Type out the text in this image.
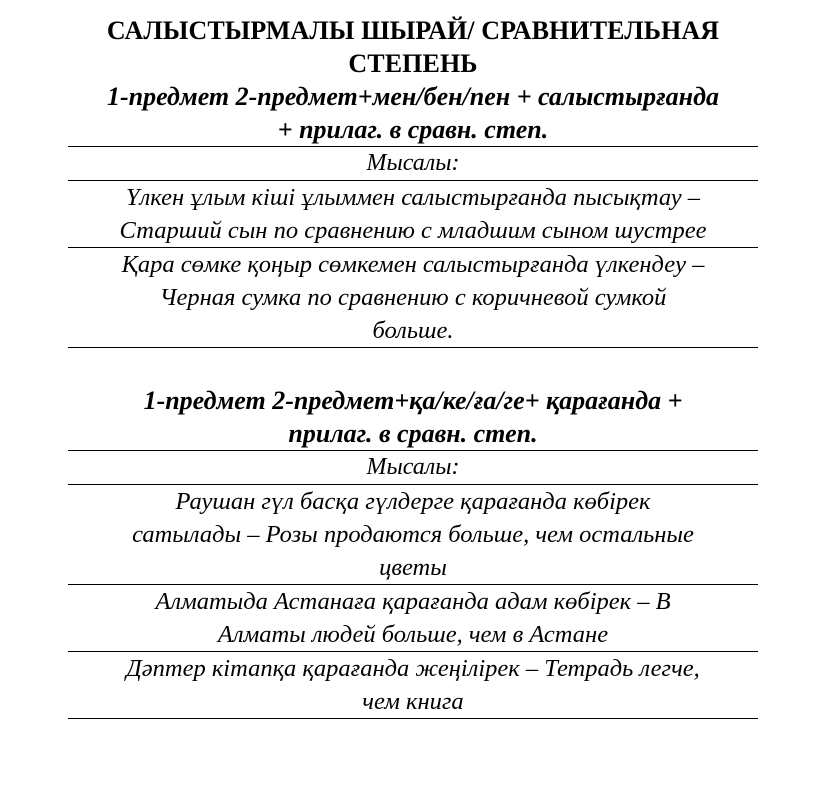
САЛЫСТЫРМАЛЫ ШЫРАЙ/ СРАВНИТЕЛЬНАЯ
СТЕПЕНЬ
1-предмет 2-предмет+мен/бен/пен + салыстырғанда
+ прилаг. в сравн. степ.
Мысалы:
Үлкен ұлым кіші ұлыммен салыстырғанда пысықтау –
Старший сын по сравнению с младшим сыном шустрее
Қара сөмке қоңыр сөмкемен салыстырғанда үлкендеу –
Черная сумка по сравнению с коричневой сумкой
больше.
1-предмет 2-предмет+қа/ке/ға/ге+ қарағанда +
прилаг. в сравн. степ.
Мысалы:
Раушан гүл басқа гүлдерге қарағанда көбірек
сатылады – Розы продаются больше, чем остальные
цветы
Алматыда Астанаға қарағанда адам көбірек – В
Алматы людей больше, чем в Астане
Дәптер кітапқа қарағанда жеңілірек – Тетрадь легче,
чем книга
